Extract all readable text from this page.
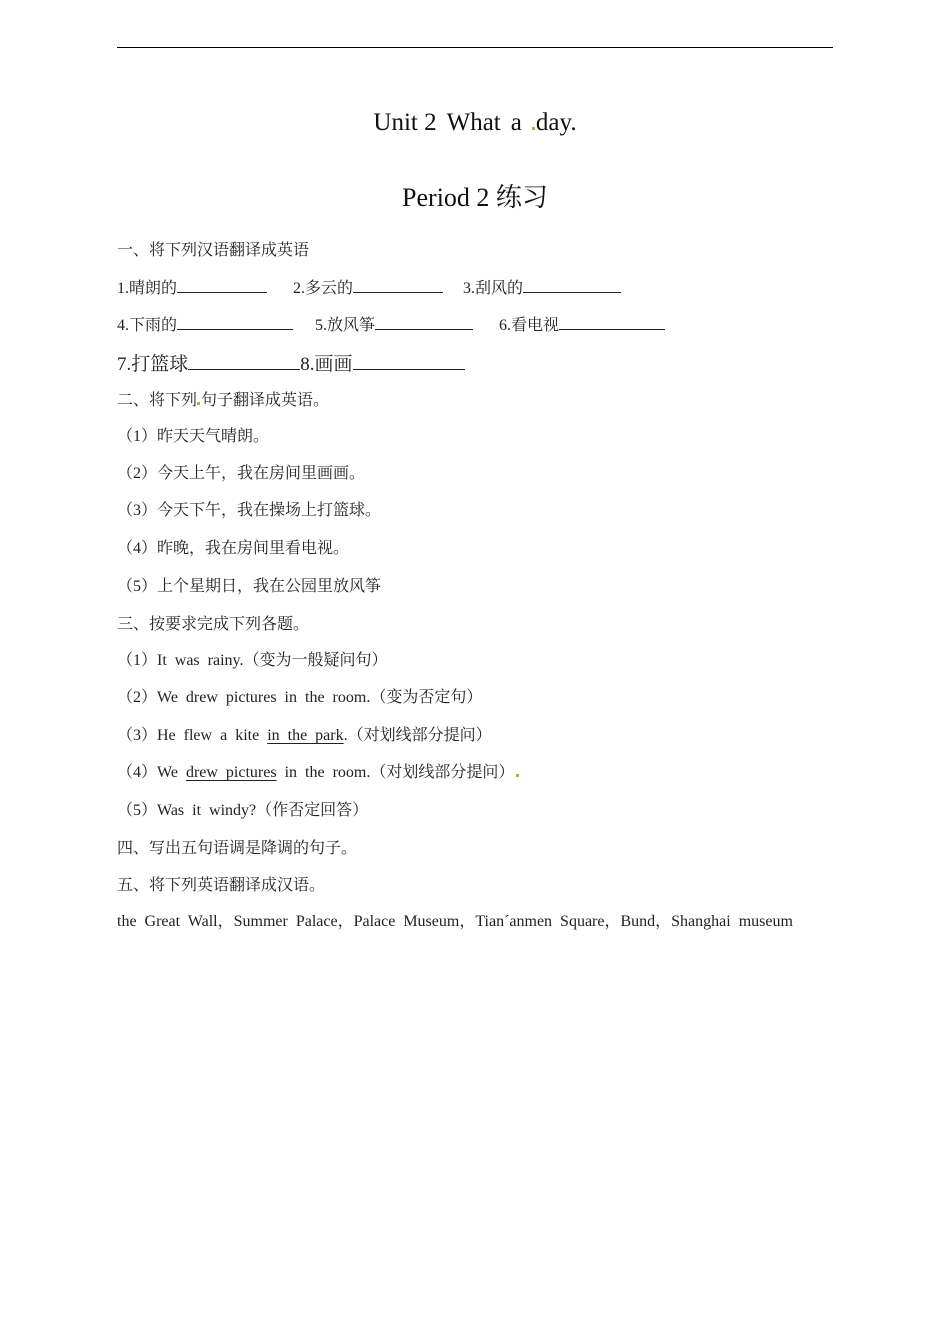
Unit 2 What a day.
Period 2 练习
一、将下列汉语翻译成英语
1.晴朗的	2.多云的	3.刮风的
4.下雨的	5.放风筝	6.看电视
7.打篮球	8.画画
二、将下列 句子翻译成英语。
（1）昨天天气晴朗。
（2）今天上午，我在房间里画画。
（3）今天下午，我在操场上打篮球。
（4）昨晚，我在房间里看电视。
（5）上个星期日，我在公园里放风筝
三、按要求完成下列各题。
（1）It  was  rainy.（变为一般疑问句）
（2）We  drew  pictures  in  the  room.（变为否定句）
（3）He  flew  a  kite  in  the  park.（对划线部分提问）
（4）We  drew  pictures  in  the  room.（对划线部分提问）
（5）Was  it  windy?（作否定回答）
四、写出五句语调是降调的句子。
五、将下列英语翻译成汉语。
the Great Wall，Summer Palace，Palace Museum，Tian´anmen Square，Bund，Shanghai museum
